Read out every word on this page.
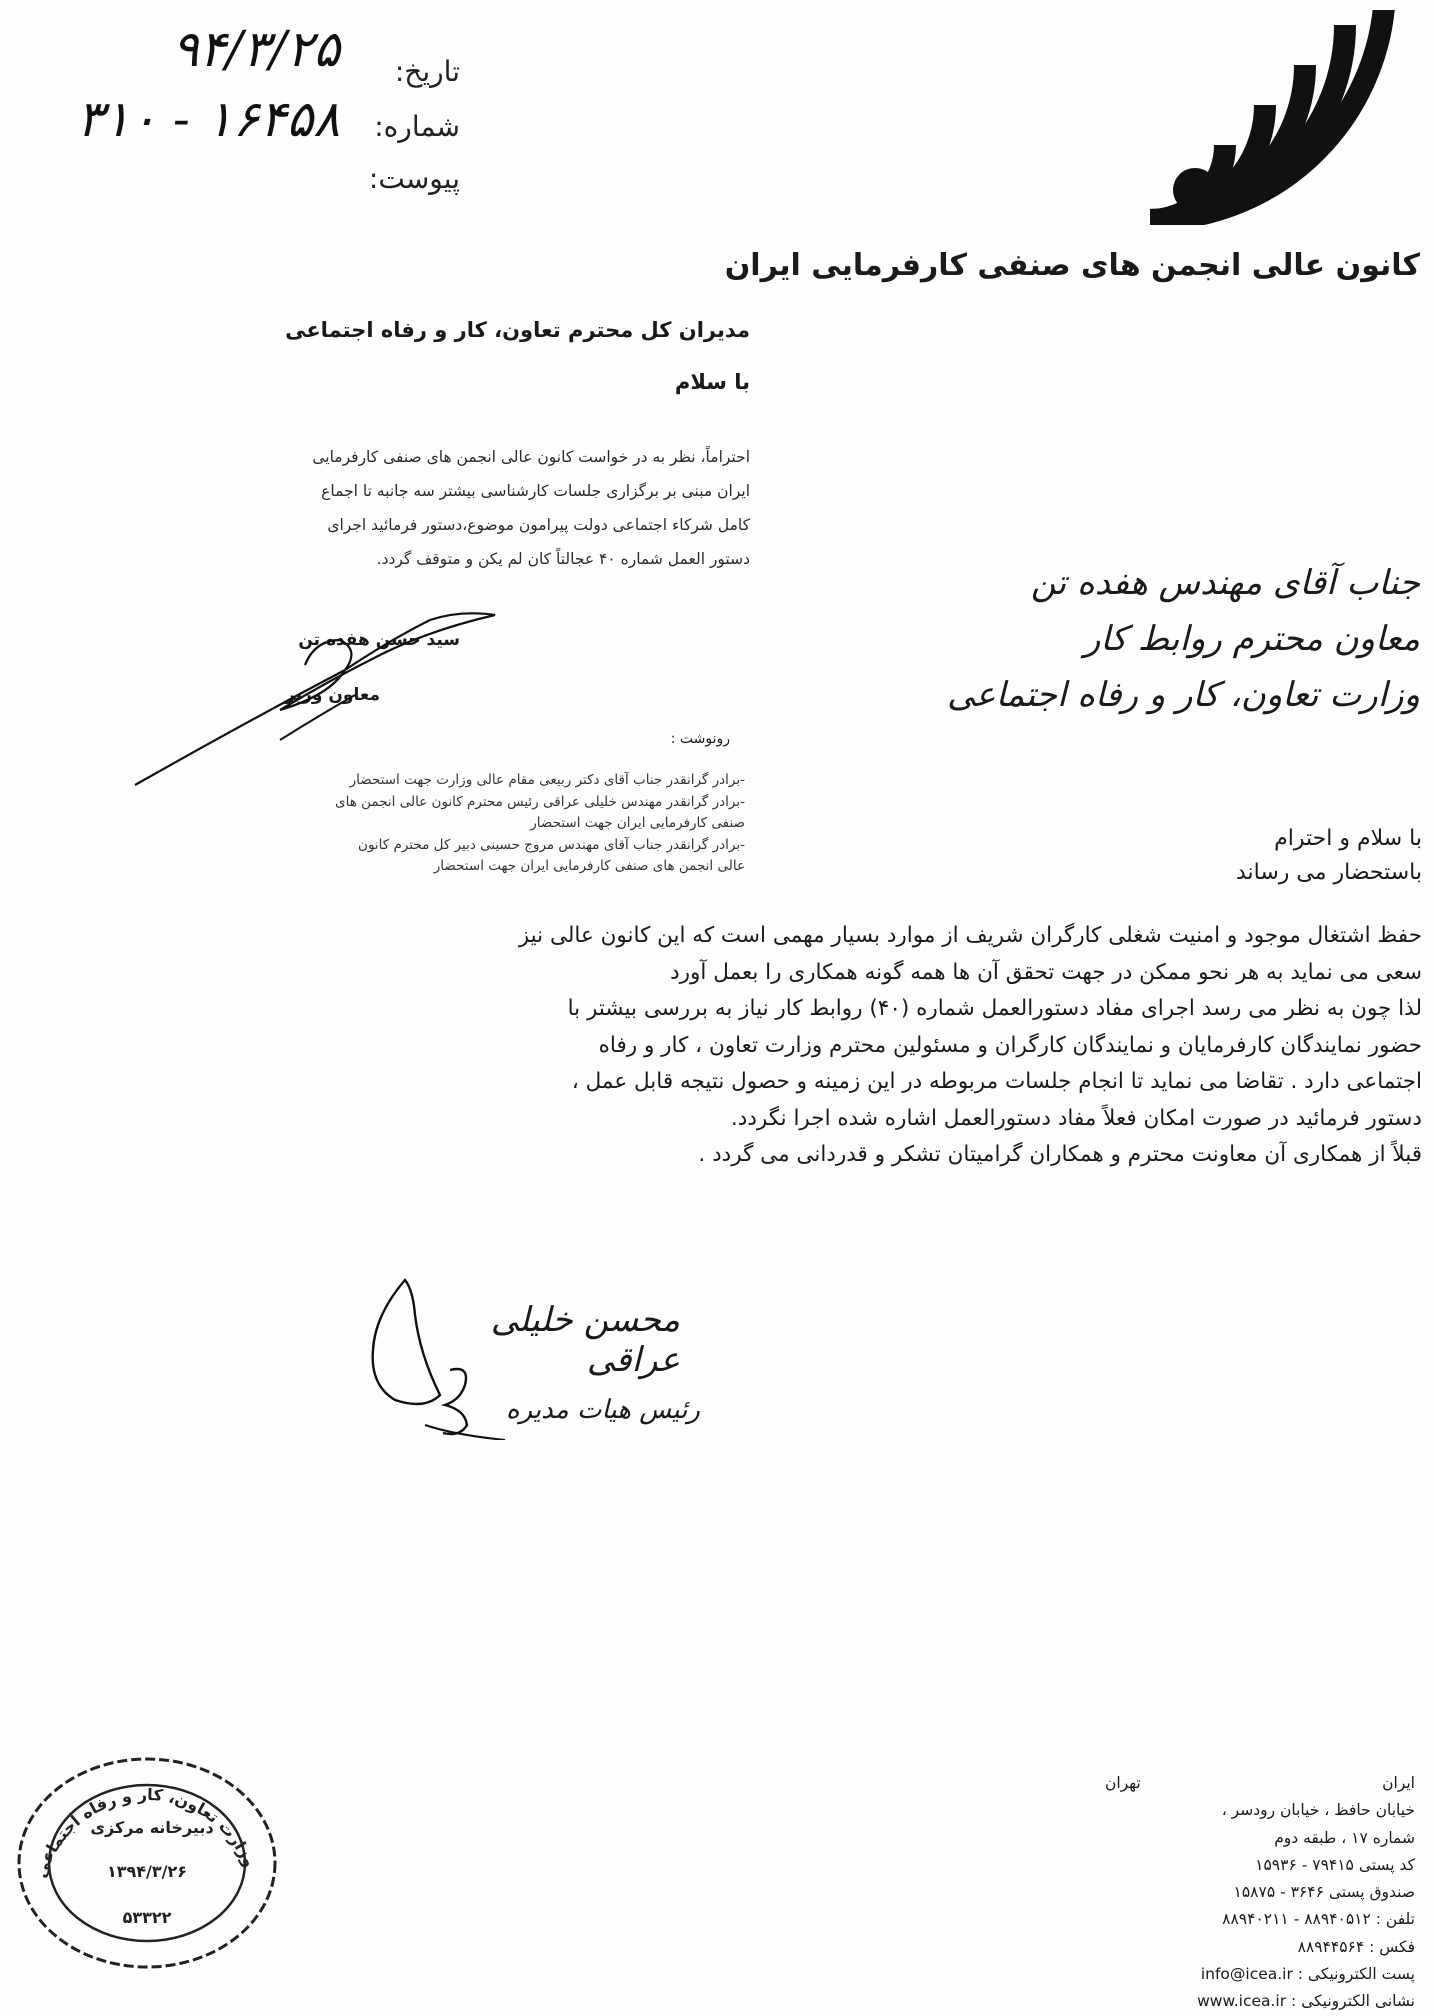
تاریخ:
۹۴/۳/۲۵
شماره:
۱۶۴۵۸ - ۳۱۰
پیوست:
کانون عالی انجمن های صنفی کارفرمایی ایران
مدیران کل محترم تعاون، کار و رفاه اجتماعی
با سلام
احتراماً، نظر به در خواست کانون عالی انجمن های صنفی کارفرمایی
ایران مبنی بر برگزاری جلسات کارشناسی بیشتر سه جانبه تا اجماع
کامل شرکاء اجتماعی دولت پیرامون موضوع،دستور فرمائید اجرای
دستور العمل شماره ۴۰ عجالتاً کان لم یکن و متوقف گردد.
سید حسن هفده تن
معاون وزیر
رونوشت :
-برادر گرانقدر جناب آقای دکتر ربیعی مقام عالی وزارت جهت استحضار
-برادر گرانقدر مهندس خلیلی عراقی رئیس محترم کانون عالی انجمن های
صنفی کارفرمایی ایران جهت استحضار
-برادر گرانقدر جناب آقای مهندس مروج حسینی دبیر کل محترم کانون
عالی انجمن های صنفی کارفرمایی ایران جهت استحضار
جناب آقای مهندس هفده تن
معاون محترم روابط کار
وزارت تعاون، کار و رفاه اجتماعی
با سلام و احترام
باستحضار می رساند
حفظ اشتغال موجود و امنیت شغلی کارگران شریف از موارد بسیار مهمی است که این کانون عالی نیز
سعی می نماید به هر نحو ممکن در جهت تحقق آن ها همه گونه همکاری را بعمل آورد
لذا چون به نظر می رسد اجرای مفاد دستورالعمل شماره (۴۰) روابط کار نیاز به بررسی بیشتر با
حضور نمایندگان کارفرمایان و نمایندگان کارگران و مسئولین محترم وزارت تعاون ، کار و رفاه
اجتماعی دارد . تقاضا می نماید تا انجام جلسات مربوطه در این زمینه و حصول نتیجه قابل عمل ،
دستور فرمائید در صورت امکان فعلاً مفاد دستورالعمل اشاره شده اجرا نگردد.
قبلاً از همکاری آن معاونت محترم و همکاران گرامیتان تشکر و قدردانی می گردد .
محسن خلیلی عراقی
رئیس هیات مدیره
ایران
تهران
خیابان حافظ ، خیابان رودسر ،
شماره ۱۷ ، طبقه دوم
کد پستی ۷۹۴۱۵ - ۱۵۹۳۶
صندوق پستی ۳۶۴۶ - ۱۵۸۷۵
تلفن : ۸۸۹۴۰۵۱۲ - ۸۸۹۴۰۲۱۱
فکس : ۸۸۹۴۴۵۶۴
پست الکترونیکی : info@icea.ir
نشانی الکترونیکی : www.icea.ir
وزارت تعاون، کار و رفاه اجتماعی
دبیرخانه مرکزی
۱۳۹۴/۳/۲۶
۵۳۳۲۲
